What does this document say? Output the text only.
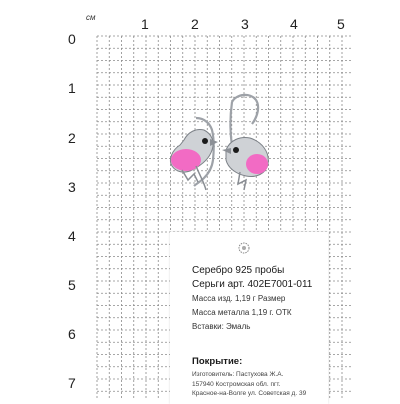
см	1	2	3	4	5
0
1
2
3
4
5
6
7
Серебро 925 пробы
Серьги арт. 402Е7001-011
Масса изд. 1,19 г Размер
Масса металла 1,19 г. ОТК
Вставки: Эмаль
Покрытие:
Изготовитель: Пастухова Ж.А.
157940 Костромская обл. пгт.
Красное-на-Волге ул. Советская д. 39
